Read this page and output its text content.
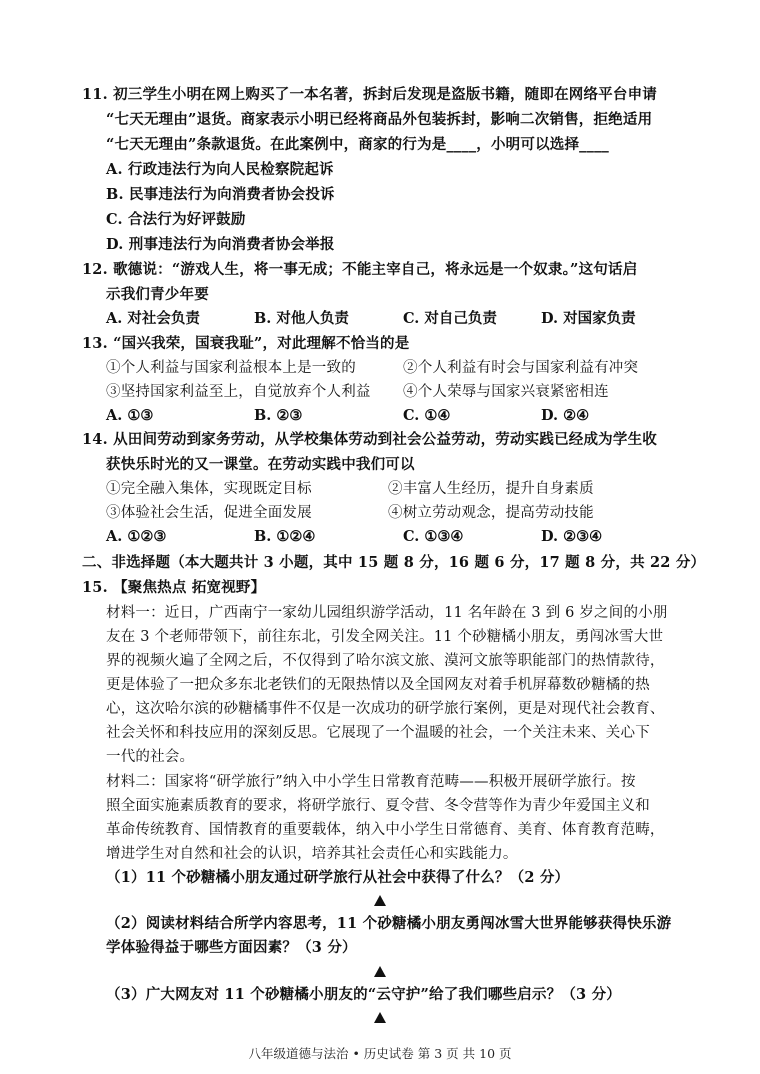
11. 初三学生小明在网上购买了一本名著，拆封后发现是盗版书籍，随即在网络平台申请
“七天无理由”退货。商家表示小明已经将商品外包装拆封，影响二次销售，拒绝适用
“七天无理由”条款退货。在此案例中，商家的行为是____，小明可以选择____
A. 行政违法行为向人民检察院起诉
B. 民事违法行为向消费者协会投诉
C. 合法行为好评鼓励
D. 刑事违法行为向消费者协会举报
12. 歌德说：“游戏人生，将一事无成；不能主宰自己，将永远是一个奴隶。”这句话启
示我们青少年要
A. 对社会负责	B. 对他人负责	C. 对自己负责	D. 对国家负责
13. “国兴我荣，国衰我耻”，对此理解不恰当的是
①个人利益与国家利益根本上是一致的	②个人利益有时会与国家利益有冲突
③坚持国家利益至上，自觉放弃个人利益 ④个人荣辱与国家兴衰紧密相连
A. ①③	B. ②③	C. ①④	D. ②④
14. 从田间劳动到家务劳动，从学校集体劳动到社会公益劳动，劳动实践已经成为学生收
获快乐时光的又一课堂。在劳动实践中我们可以
①完全融入集体，实现既定目标	②丰富人生经历，提升自身素质
③体验社会生活，促进全面发展	④树立劳动观念，提高劳动技能
A. ①②③	B. ①②④	C. ①③④	D. ②③④
二、非选择题（本大题共计 3 小题，其中 15 题 8 分，16 题 6 分，17 题 8 分，共 22 分）
15. 【聚焦热点 拓宽视野】
材料一：近日，广西南宁一家幼儿园组织游学活动，11 名年龄在 3 到 6 岁之间的小朋
友在 3 个老师带领下，前往东北，引发全网关注。11 个砂糖橘小朋友，勇闯冰雪大世
界的视频火遍了全网之后，不仅得到了哈尔滨文旅、漠河文旅等职能部门的热情款待，
更是体验了一把众多东北老铁们的无限热情以及全国网友对着手机屏幕数砂糖橘的热
心，这次哈尔滨的砂糖橘事件不仅是一次成功的研学旅行案例，更是对现代社会教育、
社会关怀和科技应用的深刻反思。它展现了一个温暖的社会，一个关注未来、关心下
一代的社会。
材料二：国家将“研学旅行”纳入中小学生日常教育范畴——积极开展研学旅行。按
照全面实施素质教育的要求，将研学旅行、夏令营、冬令营等作为青少年爱国主义和
革命传统教育、国情教育的重要载体，纳入中小学生日常德育、美育、体育教育范畴，
增进学生对自然和社会的认识，培养其社会责任心和实践能力。
（1）11 个砂糖橘小朋友通过研学旅行从社会中获得了什么？（2 分）
（2）阅读材料结合所学内容思考，11 个砂糖橘小朋友勇闯冰雪大世界能够获得快乐游
学体验得益于哪些方面因素？（3 分）
（3）广大网友对 11 个砂糖橘小朋友的“云守护”给了我们哪些启示？（3 分）
八年级道德与法治 • 历史试卷 第 3 页 共 10 页
